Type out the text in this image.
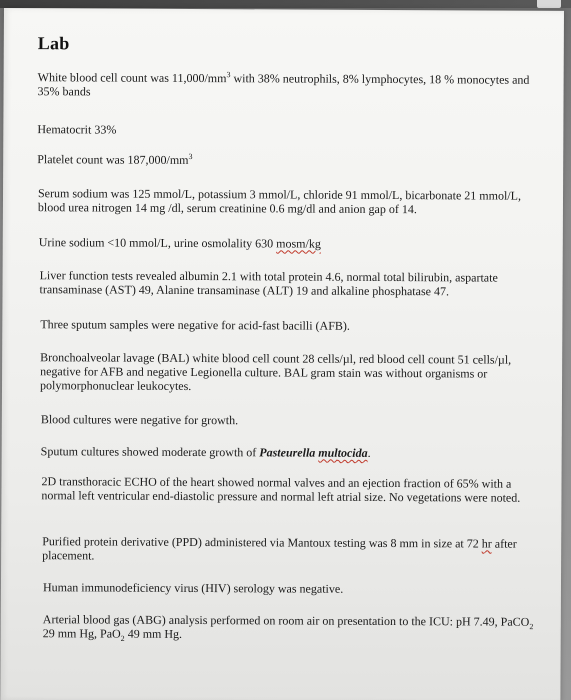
Lab

White blood cell count was $11,000/mm^3$ with 38% neutrophils, 8% lymphocytes, 18 % monocytes and 35% bands

Hematocrit 33%

Platelet count was $187,000/mm^3$

Serum sodium was 125 mmol/L, potassium 3 mmol/L, chloride 91 mmol/L, bicarbonate 21 mmol/L, blood urea nitrogen 14 mg /dl, serum creatinine 0.6 mg/dl and anion gap of 14.

Urine sodium <10 mmol/L, urine osmolality 630 mosm/kg

Liver function tests revealed albumin 2.1 with total protein 4.6, normal total bilirubin, aspartate transaminase (AST) 49, Alanine transaminase (ALT) 19 and alkaline phosphatase 47.

Three sputum samples were negative for acid-fast bacilli (AFB).

Bronchoalveolar lavage (BAL) white blood cell count 28 cells/µl, red blood cell count 51 cells/µl, negative for AFB and negative Legionella culture. BAL gram stain was without organisms or polymorphonuclear leukocytes.

Blood cultures were negative for growth.

Sputum cultures showed moderate growth of Pasteurella multocida.

2D transthoracic ECHO of the heart showed normal valves and an ejection fraction of 65% with a normal left ventricular end-diastolic pressure and normal left atrial size. No vegetations were noted.

Purified protein derivative (PPD) administered via Mantoux testing was 8 mm in size at 72 hr after placement.

Human immunodeficiency virus (HIV) serology was negative.

Arterial blood gas (ABG) analysis performed on room air on presentation to the ICU: pH 7.49, PaCO$_2$ 29 mm Hg, PaO$_2$ 49 mm Hg.
